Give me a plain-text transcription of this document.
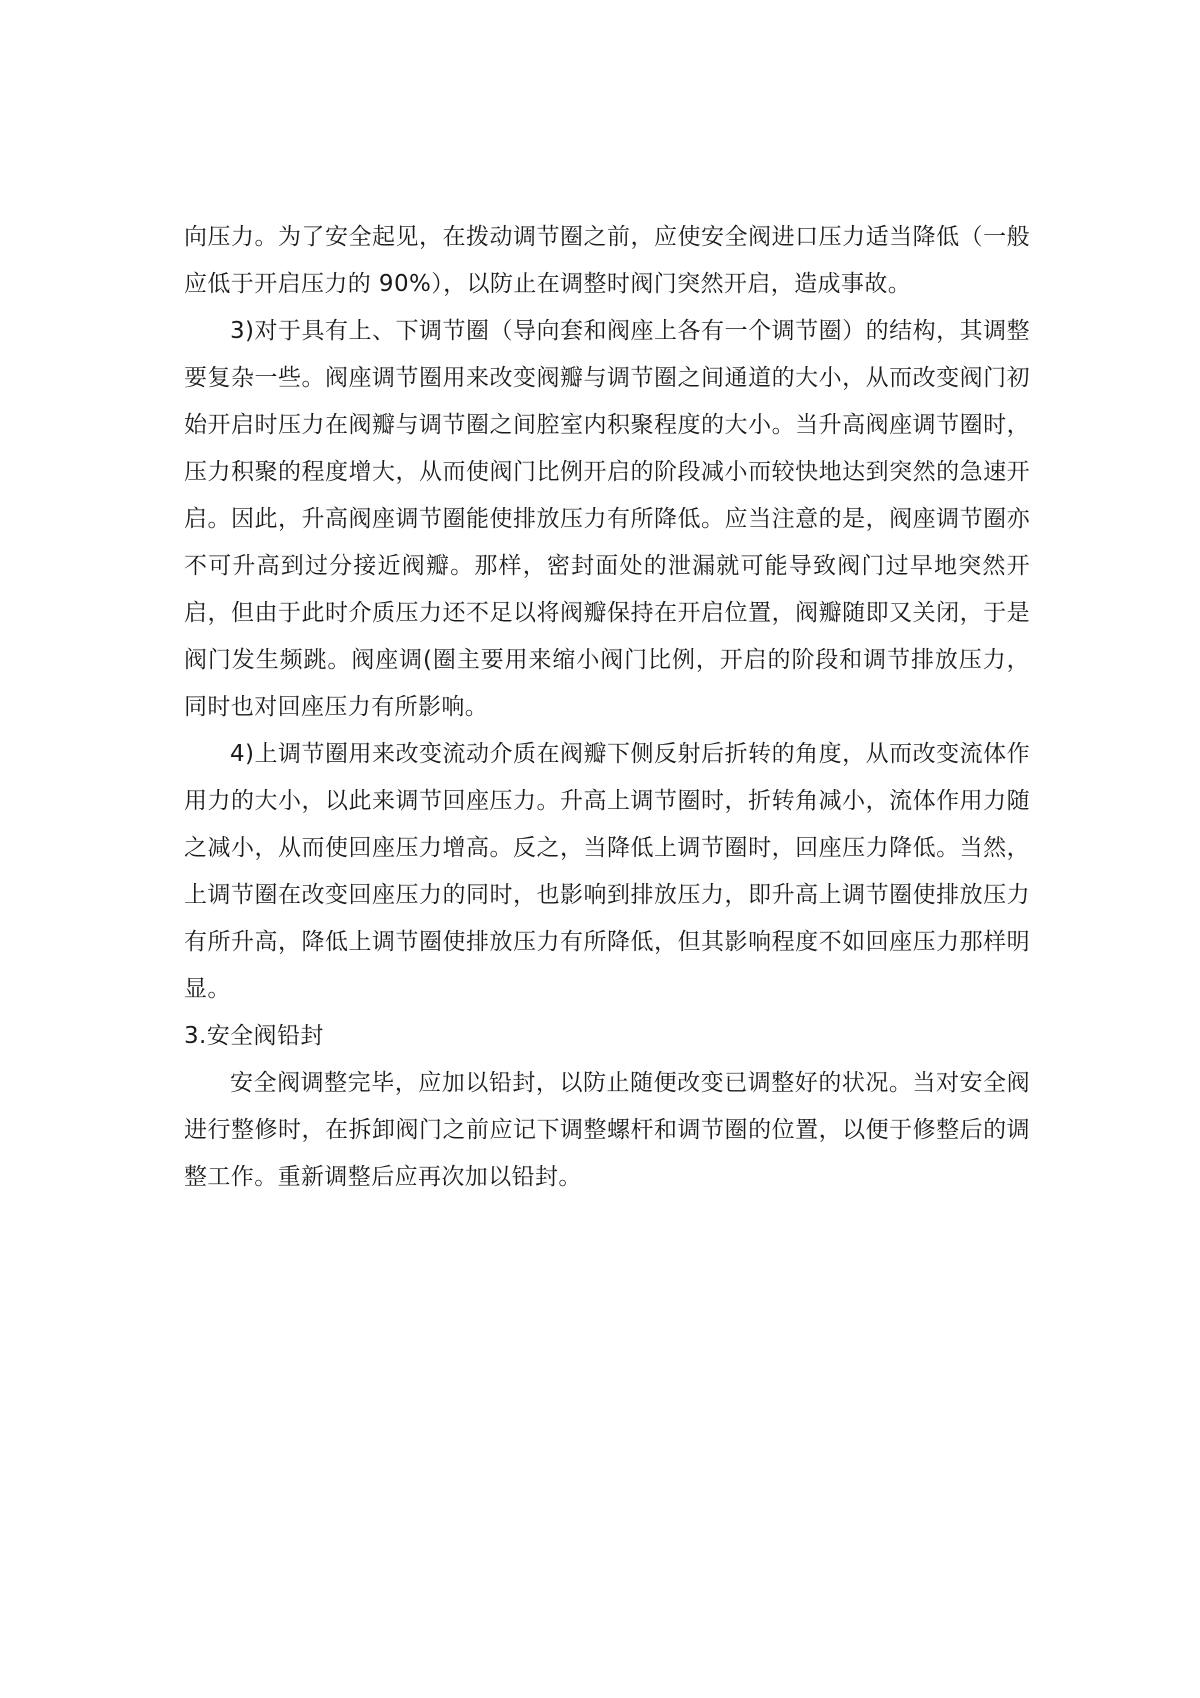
向压力。为了安全起见，在拨动调节圈之前，应使安全阀进口压力适当降低（一般应低于开启压力的 90%），以防止在调整时阀门突然开启，造成事故。

3)对于具有上、下调节圈（导向套和阀座上各有一个调节圈）的结构，其调整要复杂一些。阀座调节圈用来改变阀瓣与调节圈之间通道的大小，从而改变阀门初始开启时压力在阀瓣与调节圈之间腔室内积聚程度的大小。当升高阀座调节圈时，压力积聚的程度增大，从而使阀门比例开启的阶段减小而较快地达到突然的急速开启。因此，升高阀座调节圈能使排放压力有所降低。应当注意的是，阀座调节圈亦不可升高到过分接近阀瓣。那样，密封面处的泄漏就可能导致阀门过早地突然开启，但由于此时介质压力还不足以将阀瓣保持在开启位置，阀瓣随即又关闭，于是阀门发生频跳。阀座调(圈主要用来缩小阀门比例，开启的阶段和调节排放压力，同时也对回座压力有所影响。

4)上调节圈用来改变流动介质在阀瓣下侧反射后折转的角度，从而改变流体作用力的大小，以此来调节回座压力。升高上调节圈时，折转角减小，流体作用力随之减小，从而使回座压力增高。反之，当降低上调节圈时，回座压力降低。当然，上调节圈在改变回座压力的同时，也影响到排放压力，即升高上调节圈使排放压力有所升高，降低上调节圈使排放压力有所降低，但其影响程度不如回座压力那样明显。

3.安全阀铅封

安全阀调整完毕，应加以铅封，以防止随便改变已调整好的状况。当对安全阀进行整修时，在拆卸阀门之前应记下调整螺杆和调节圈的位置，以便于修整后的调整工作。重新调整后应再次加以铅封。
